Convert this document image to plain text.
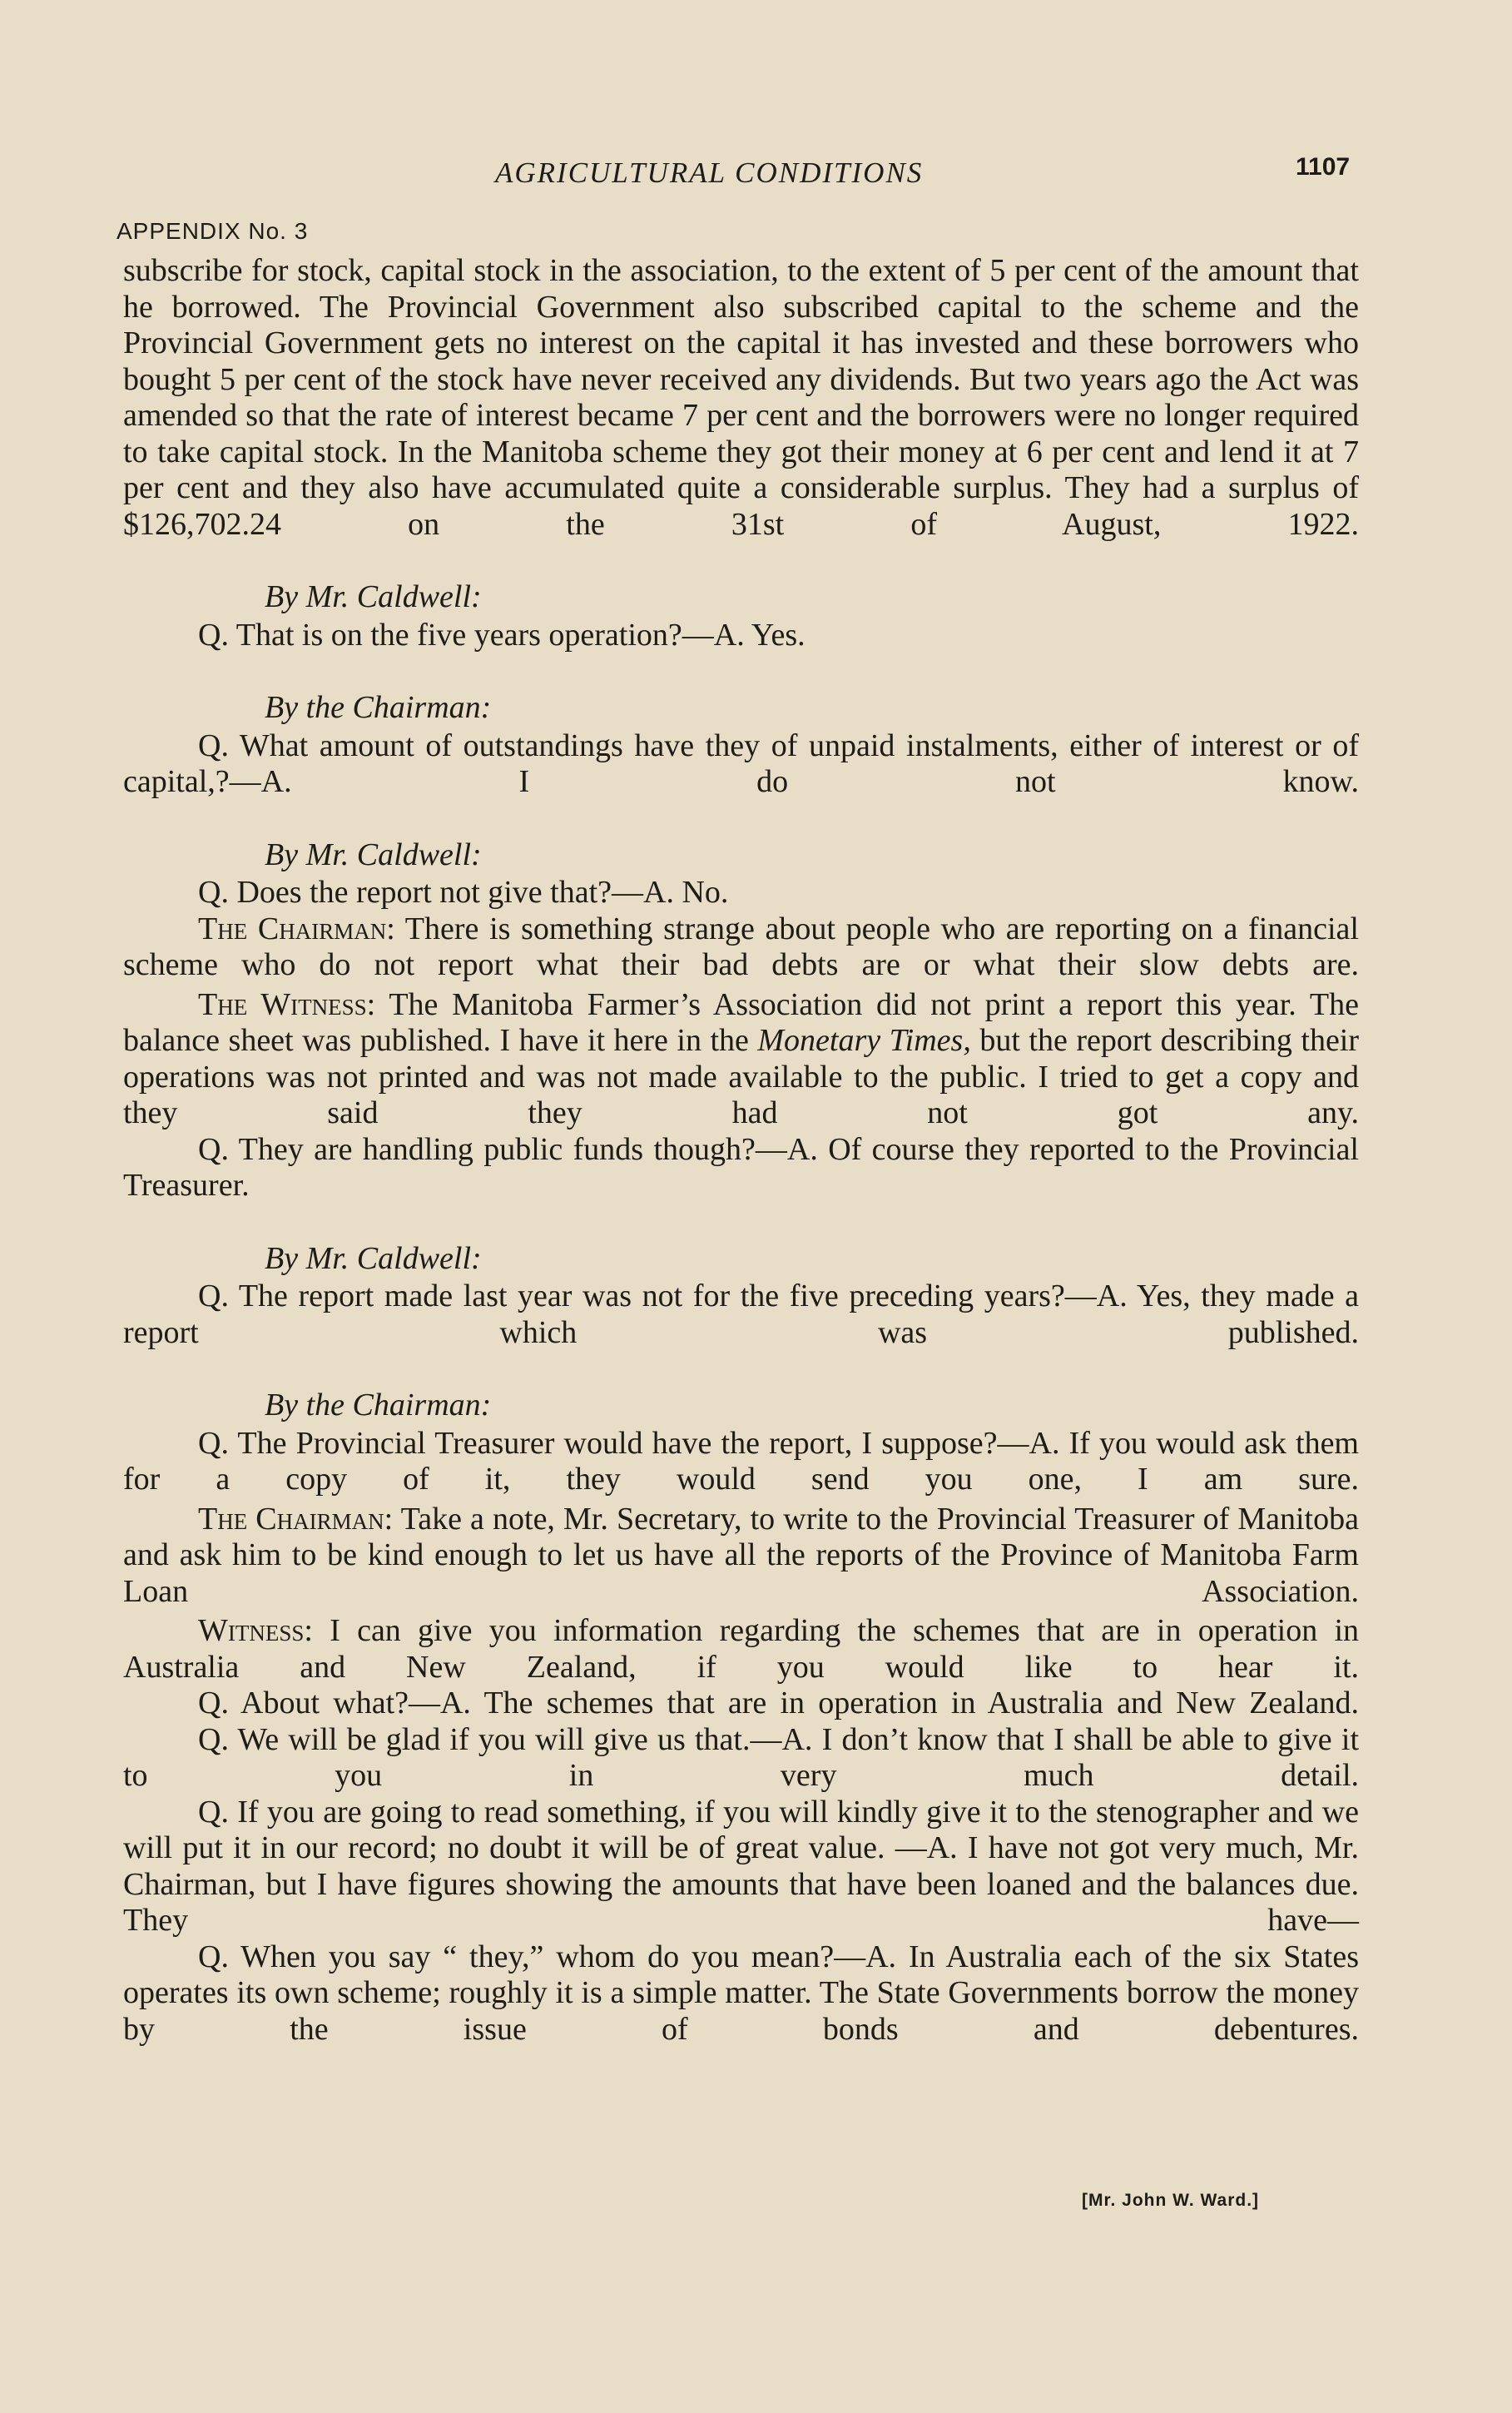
AGRICULTURAL CONDITIONS	1107
APPENDIX No. 3

subscribe for stock, capital stock in the association, to the extent of 5 per cent of the amount that he borrowed. The Provincial Government also subscribed capital to the scheme and the Provincial Government gets no interest on the capital it has invested and these borrowers who bought 5 per cent of the stock have never received any dividends. But two years ago the Act was amended so that the rate of interest became 7 per cent and the borrowers were no longer required to take capital stock. In the Manitoba scheme they got their money at 6 per cent and lend it at 7 per cent and they also have accumulated quite a considerable surplus. They had a surplus of $126,702.24 on the 31st of August, 1922.

By Mr. Caldwell:

Q. That is on the five years operation?—A. Yes.

By the Chairman:

Q. What amount of outstandings have they of unpaid instalments, either of interest or of capital,?—A. I do not know.

By Mr. Caldwell:

Q. Does the report not give that?—A. No.

The Chairman: There is something strange about people who are reporting on a financial scheme who do not report what their bad debts are or what their slow debts are.

The Witness: The Manitoba Farmer’s Association did not print a report this year. The balance sheet was published. I have it here in the Monetary Times, but the report describing their operations was not printed and was not made available to the public. I tried to get a copy and they said they had not got any.

Q. They are handling public funds though?—A. Of course they reported to the Provincial Treasurer.

By Mr. Caldwell:

Q. The report made last year was not for the five preceding years?—A. Yes, they made a report which was published.

By the Chairman:

Q. The Provincial Treasurer would have the report, I suppose?—A. If you would ask them for a copy of it, they would send you one, I am sure.

The Chairman: Take a note, Mr. Secretary, to write to the Provincial Treasurer of Manitoba and ask him to be kind enough to let us have all the reports of the Province of Manitoba Farm Loan Association.

Witness: I can give you information regarding the schemes that are in operation in Australia and New Zealand, if you would like to hear it.

Q. About what?—A. The schemes that are in operation in Australia and New Zealand.

Q. We will be glad if you will give us that.—A. I don’t know that I shall be able to give it to you in very much detail.

Q. If you are going to read something, if you will kindly give it to the stenographer and we will put it in our record; no doubt it will be of great value. —A. I have not got very much, Mr. Chairman, but I have figures showing the amounts that have been loaned and the balances due. They have—

Q. When you say “ they,” whom do you mean?—A. In Australia each of the six States operates its own scheme; roughly it is a simple matter. The State Governments borrow the money by the issue of bonds and debentures.

[Mr. John W. Ward.]
